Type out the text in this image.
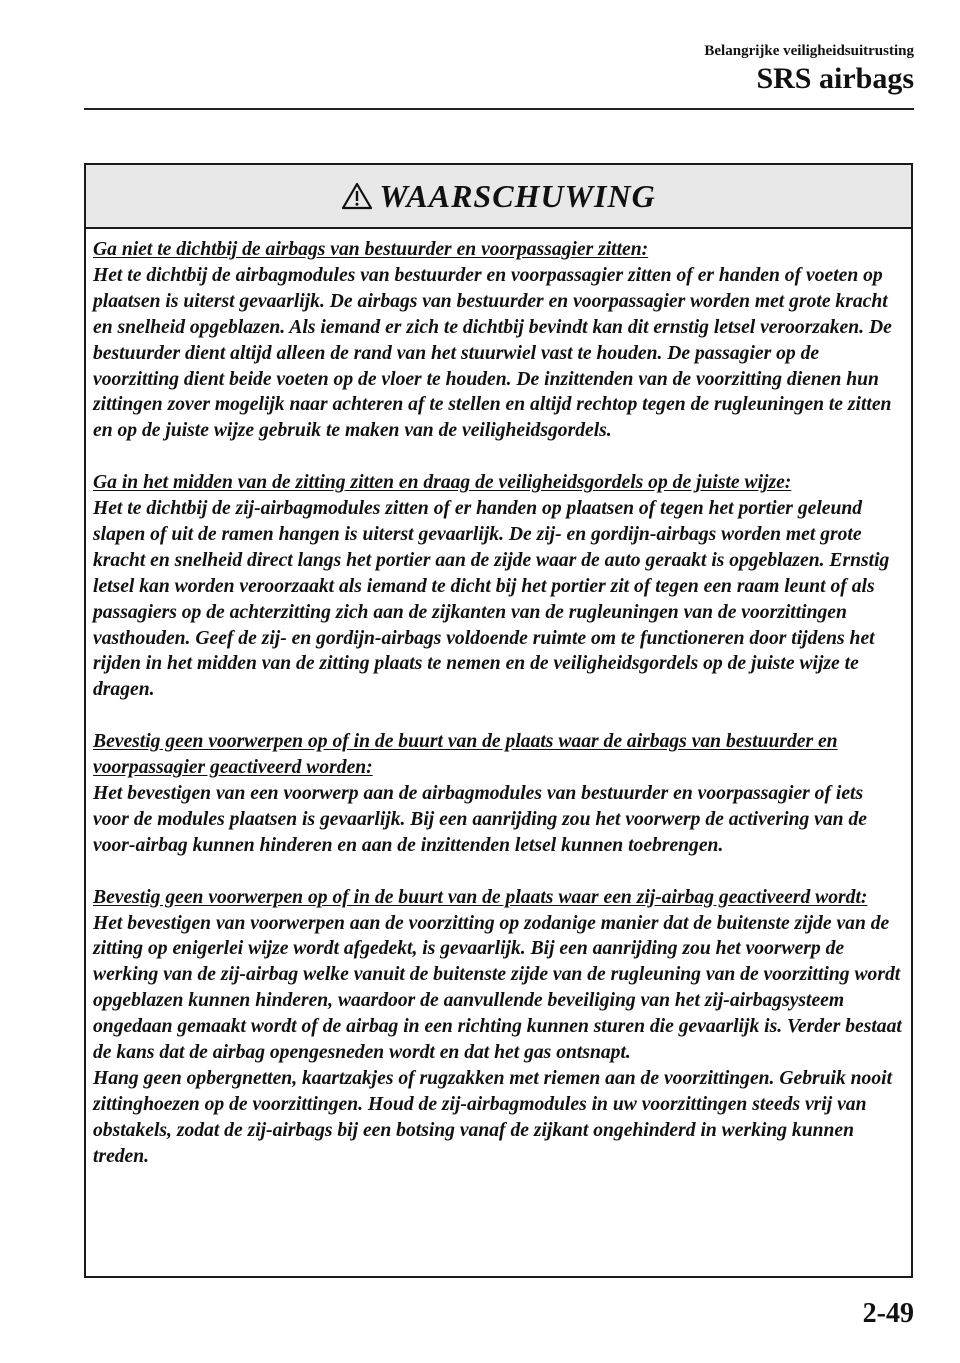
Belangrijke veiligheidsuitrusting

SRS airbags

WAARSCHUWING
Ga niet te dichtbij de airbags van bestuurder en voorpassagier zitten:
Het te dichtbij de airbagmodules van bestuurder en voorpassagier zitten of er handen of voeten op plaatsen is uiterst gevaarlijk. De airbags van bestuurder en voorpassagier worden met grote kracht en snelheid opgeblazen. Als iemand er zich te dichtbij bevindt kan dit ernstig letsel veroorzaken. De bestuurder dient altijd alleen de rand van het stuurwiel vast te houden. De passagier op de voorzitting dient beide voeten op de vloer te houden. De inzittenden van de voorzitting dienen hun zittingen zover mogelijk naar achteren af te stellen en altijd rechtop tegen de rugleuningen te zitten en op de juiste wijze gebruik te maken van de veiligheidsgordels.
Ga in het midden van de zitting zitten en draag de veiligheidsgordels op de juiste wijze:
Het te dichtbij de zij-airbagmodules zitten of er handen op plaatsen of tegen het portier geleund slapen of uit de ramen hangen is uiterst gevaarlijk. De zij- en gordijn-airbags worden met grote kracht en snelheid direct langs het portier aan de zijde waar de auto geraakt is opgeblazen. Ernstig letsel kan worden veroorzaakt als iemand te dicht bij het portier zit of tegen een raam leunt of als passagiers op de achterzitting zich aan de zijkanten van de rugleuningen van de voorzittingen vasthouden. Geef de zij- en gordijn-airbags voldoende ruimte om te functioneren door tijdens het rijden in het midden van de zitting plaats te nemen en de veiligheidsgordels op de juiste wijze te dragen.
Bevestig geen voorwerpen op of in de buurt van de plaats waar de airbags van bestuurder en voorpassagier geactiveerd worden:
Het bevestigen van een voorwerp aan de airbagmodules van bestuurder en voorpassagier of iets voor de modules plaatsen is gevaarlijk. Bij een aanrijding zou het voorwerp de activering van de voor-airbag kunnen hinderen en aan de inzittenden letsel kunnen toebrengen.
Bevestig geen voorwerpen op of in de buurt van de plaats waar een zij-airbag geactiveerd wordt:
Het bevestigen van voorwerpen aan de voorzitting op zodanige manier dat de buitenste zijde van de zitting op enigerlei wijze wordt afgedekt, is gevaarlijk. Bij een aanrijding zou het voorwerp de werking van de zij-airbag welke vanuit de buitenste zijde van de rugleuning van de voorzitting wordt opgeblazen kunnen hinderen, waardoor de aanvullende beveiliging van het zij-airbagsysteem ongedaan gemaakt wordt of de airbag in een richting kunnen sturen die gevaarlijk is. Verder bestaat de kans dat de airbag opengesneden wordt en dat het gas ontsnapt.
Hang geen opbergnetten, kaartzakjes of rugzakken met riemen aan de voorzittingen. Gebruik nooit zittinghoezen op de voorzittingen. Houd de zij-airbagmodules in uw voorzittingen steeds vrij van obstakels, zodat de zij-airbags bij een botsing vanaf de zijkant ongehinderd in werking kunnen treden.

2-49
